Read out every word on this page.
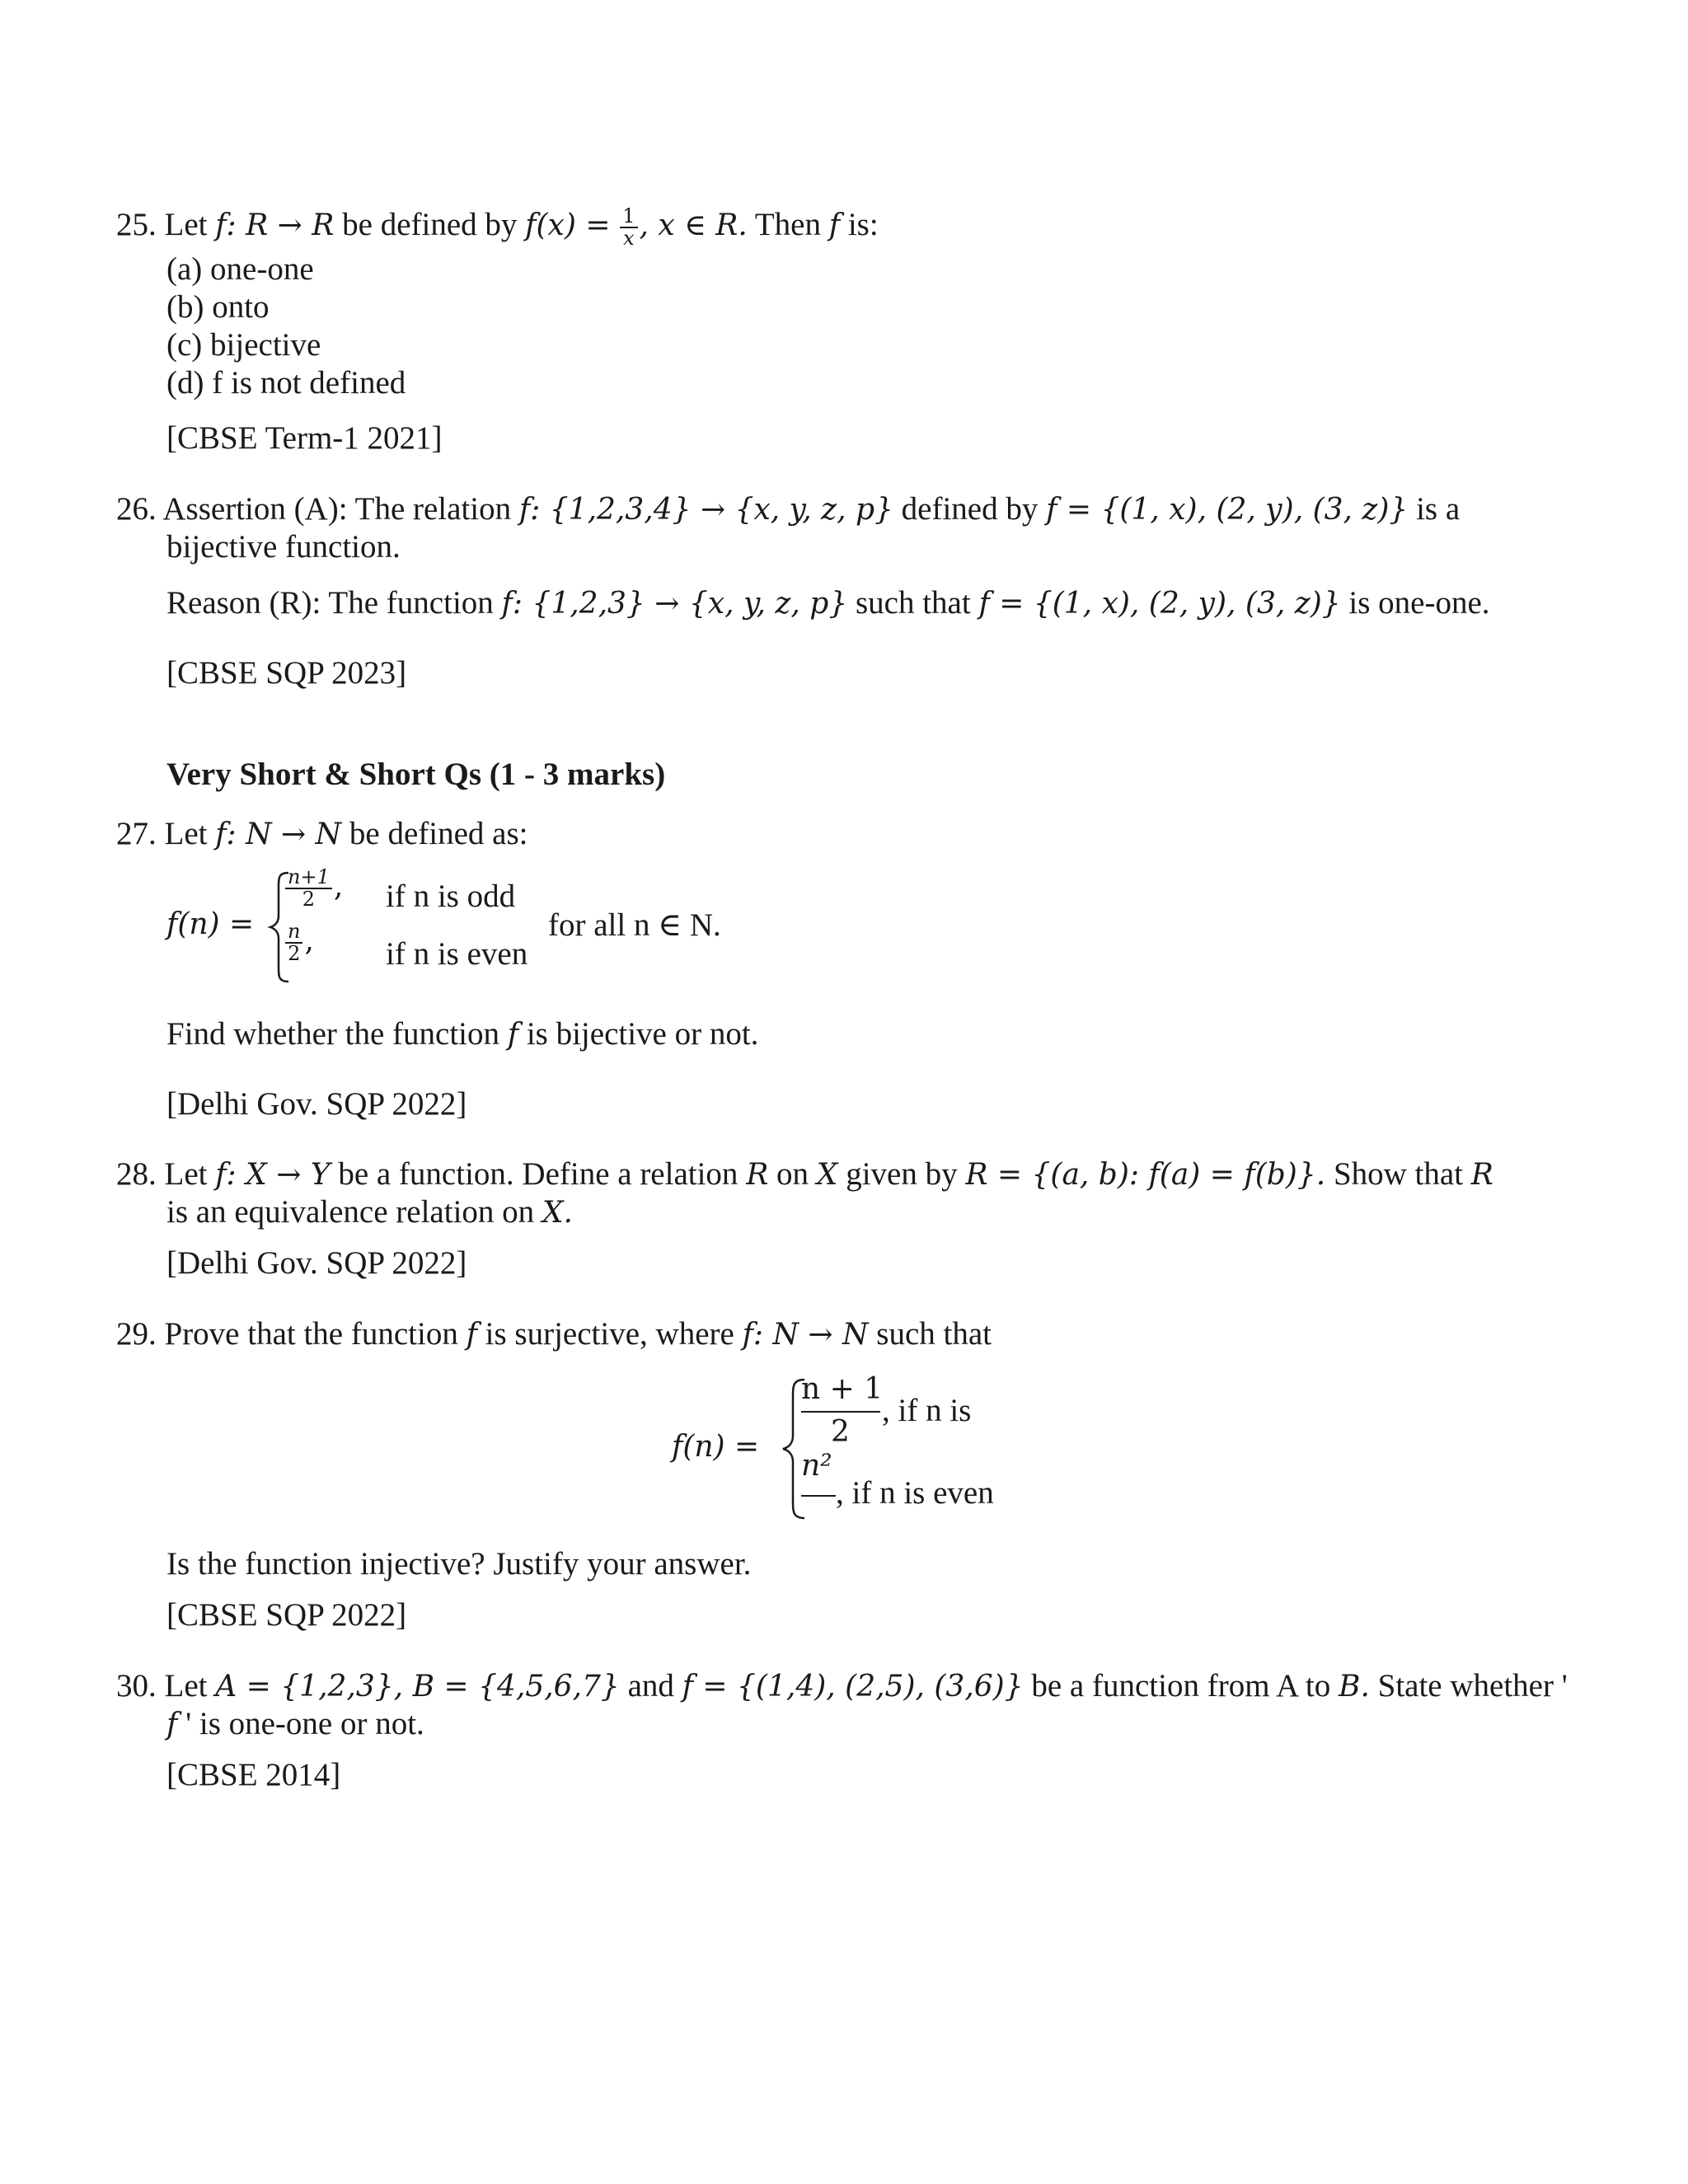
25. Let f: R → R be defined by $f(x) = \frac{1}{x}$ , x ∈ R. Then f is:
(a) one-one
(b) onto
(c) bijective
(d) f is not defined
[CBSE Term-1 2021]
26. Assertion (A): The relation f: {1,2,3,4} → {x, y, z, p} defined by f = {(1, x), (2, y), (3, z)} is a
bijective function.
Reason (R): The function f: {1,2,3} → {x, y, z, p} such that f = {(1, x), (2, y), (3, z)} is one-one.
[CBSE SQP 2023]
Very Short & Short Qs (1 - 3 marks)
27. Let f: N → N be defined as:
f(n) =
$\frac{n+1}{2}$ , if n is odd
$\frac{n}{2}$ , if n is even
for all n ∈ N.
Find whether the function f is bijective or not.
[Delhi Gov. SQP 2022]
28. Let f: X → Y be a function. Define a relation R on X given by R = {(a, b): f(a) = f(b)}. Show that R
is an equivalence relation on X.
[Delhi Gov. SQP 2022]
29. Prove that the function f is surjective, where f: N → N such that
f(n) =
n + 1
2
, if n is
n²
, if n is even
Is the function injective? Justify your answer.
[CBSE SQP 2022]
30. Let A = {1,2,3}, B = {4,5,6,7} and f = {(1,4), (2,5), (3,6)} be a function from A to B. State whether '
f ' is one-one or not.
[CBSE 2014]
